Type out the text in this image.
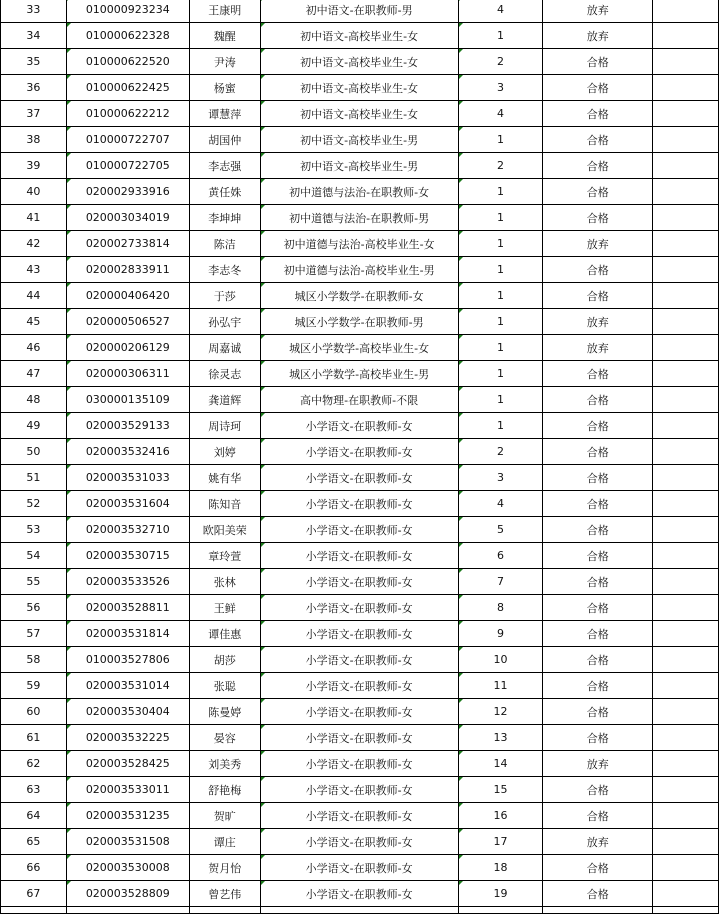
33	010000923234	王康明	初中语文-在职教师-男	4	放弃	
34	010000622328	魏醒	初中语文-高校毕业生-女	1	放弃	
35	010000622520	尹涛	初中语文-高校毕业生-女	2	合格	
36	010000622425	杨蜜	初中语文-高校毕业生-女	3	合格	
37	010000622212	谭慧萍	初中语文-高校毕业生-女	4	合格	
38	010000722707	胡国仲	初中语文-高校毕业生-男	1	合格	
39	010000722705	李志强	初中语文-高校毕业生-男	2	合格	
40	020002933916	黄任姝	初中道德与法治-在职教师-女	1	合格	
41	020003034019	李坤坤	初中道德与法治-在职教师-男	1	合格	
42	020002733814	陈洁	初中道德与法治-高校毕业生-女	1	放弃	
43	020002833911	李志冬	初中道德与法治-高校毕业生-男	1	合格	
44	020000406420	于莎	城区小学数学-在职教师-女	1	合格	
45	020000506527	孙弘宇	城区小学数学-在职教师-男	1	放弃	
46	020000206129	周嘉诚	城区小学数学-高校毕业生-女	1	放弃	
47	020000306311	徐灵志	城区小学数学-高校毕业生-男	1	合格	
48	030000135109	龚道辉	高中物理-在职教师-不限	1	合格	
49	020003529133	周诗珂	小学语文-在职教师-女	1	合格	
50	020003532416	刘婷	小学语文-在职教师-女	2	合格	
51	020003531033	姚有华	小学语文-在职教师-女	3	合格	
52	020003531604	陈知音	小学语文-在职教师-女	4	合格	
53	020003532710	欧阳美荣	小学语文-在职教师-女	5	合格	
54	020003530715	章玲萱	小学语文-在职教师-女	6	合格	
55	020003533526	张林	小学语文-在职教师-女	7	合格	
56	020003528811	王鲜	小学语文-在职教师-女	8	合格	
57	020003531814	谭佳惠	小学语文-在职教师-女	9	合格	
58	010003527806	胡莎	小学语文-在职教师-女	10	合格	
59	020003531014	张聪	小学语文-在职教师-女	11	合格	
60	020003530404	陈曼婷	小学语文-在职教师-女	12	合格	
61	020003532225	晏容	小学语文-在职教师-女	13	合格	
62	020003528425	刘美秀	小学语文-在职教师-女	14	放弃	
63	020003533011	舒艳梅	小学语文-在职教师-女	15	合格	
64	020003531235	贺旷	小学语文-在职教师-女	16	合格	
65	020003531508	谭庄	小学语文-在职教师-女	17	放弃	
66	020003530008	贺月怡	小学语文-在职教师-女	18	合格	
67	020003528809	曾艺伟	小学语文-在职教师-女	19	合格	
